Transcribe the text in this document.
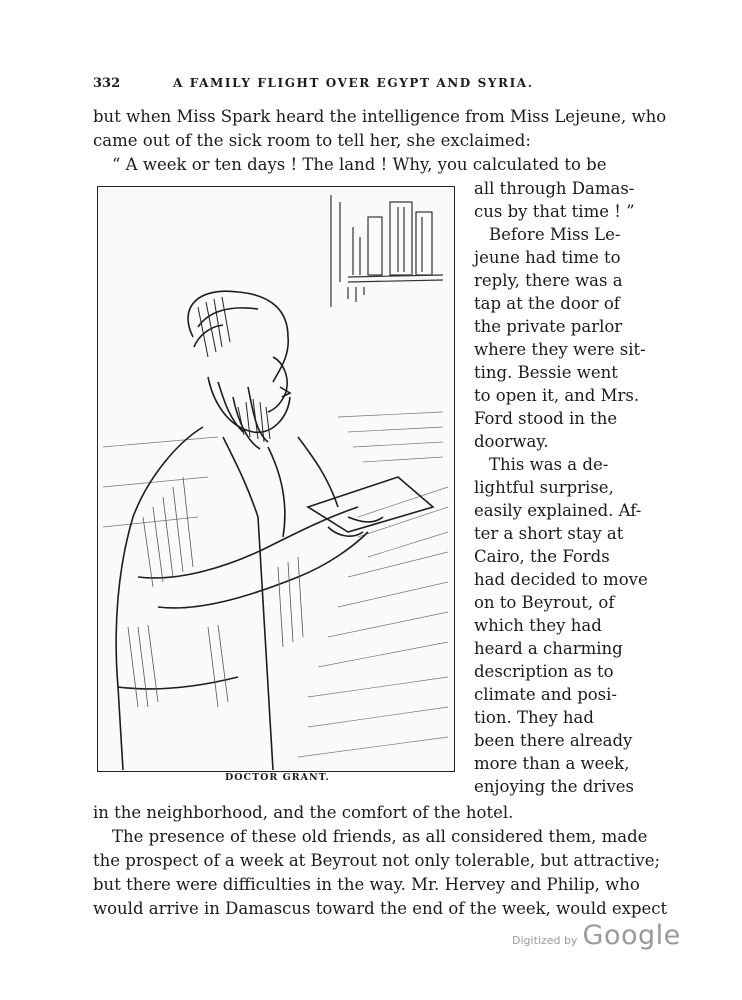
332	A FAMILY FLIGHT OVER EGYPT AND SYRIA.
but when Miss Spark heard the intelligence from Miss Lejeune, who
came out of the sick room to tell her, she exclaimed:
“ A week or ten days ! The land ! Why, you calculated to be
all through Damas-
cus by that time ! ”
Before Miss Le-
jeune had time to
reply, there was a
tap at the door of
the private parlor
where they were sit-
ting. Bessie went
to open it, and Mrs.
Ford stood in the
doorway.
This was a de-
lightful surprise,
easily explained. Af-
ter a short stay at
Cairo, the Fords
had decided to move
on to Beyrout, of
which they had
heard a charming
description as to
climate and posi-
tion. They had
been there already
more than a week,
enjoying the drives
DOCTOR GRANT.
in the neighborhood, and the comfort of the hotel.
The presence of these old friends, as all considered them, made
the prospect of a week at Beyrout not only tolerable, but attractive;
but there were difficulties in the way. Mr. Hervey and Philip, who
would arrive in Damascus toward the end of the week, would expect
Digitized by Google
